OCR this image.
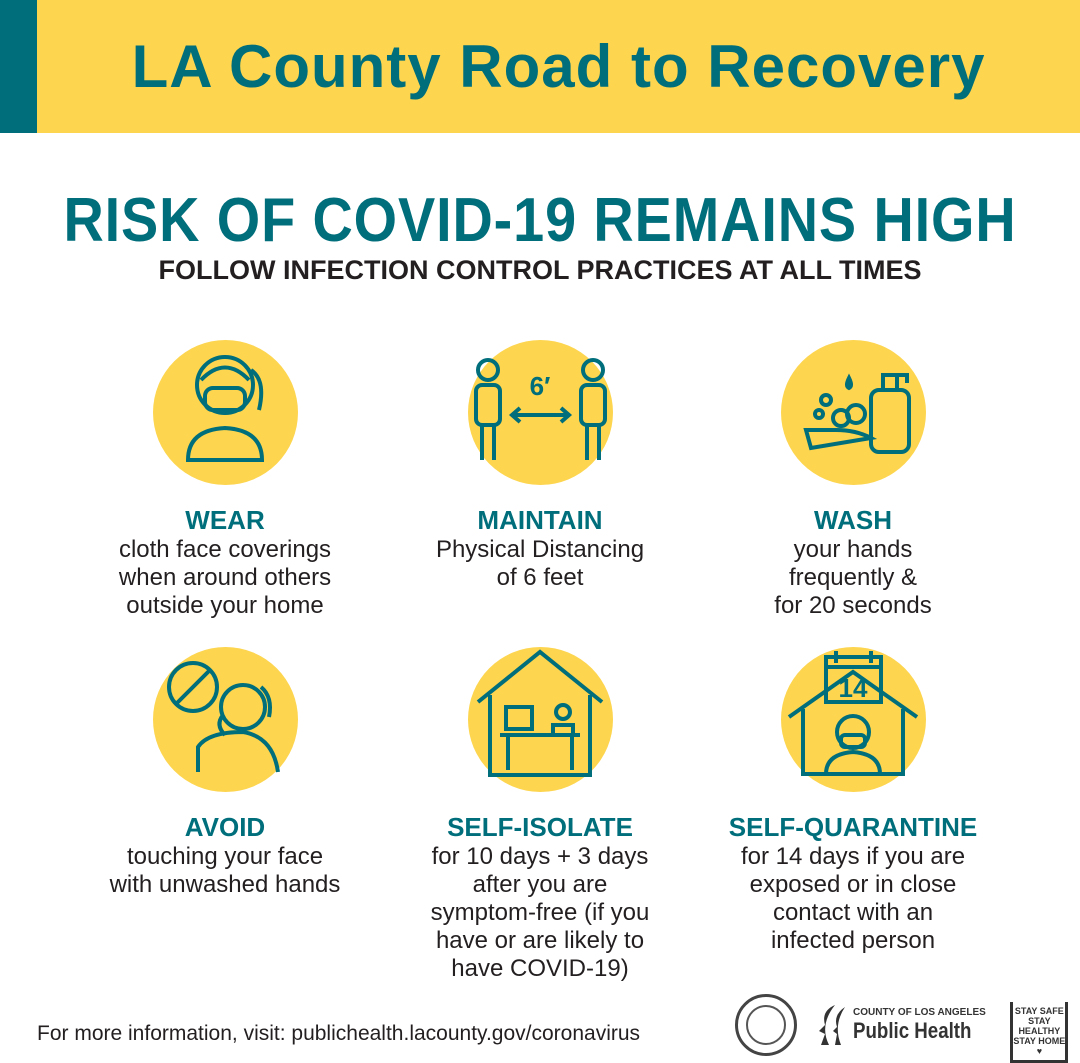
LA County Road to Recovery
RISK OF COVID-19 REMAINS HIGH
FOLLOW INFECTION CONTROL PRACTICES AT ALL TIMES
WEAR

cloth face coverings

when around others

outside your home

6′
MAINTAIN

Physical Distancing

of 6 feet

WASH

your hands

frequently &

for 20 seconds

AVOID

touching your face

with unwashed hands

SELF-ISOLATE

for 10 days + 3 days

after you are

symptom-free (if you

have or are likely to

have COVID-19)

14
SELF-QUARANTINE

for 14 days if you are

exposed or in close

contact with an

infected person

For more information, visit: publichealth.lacounty.gov/coronavirus
COUNTY OF LOS ANGELES
Public Health
STAY SAFE
STAY HEALTHY
STAY HOME
♥
